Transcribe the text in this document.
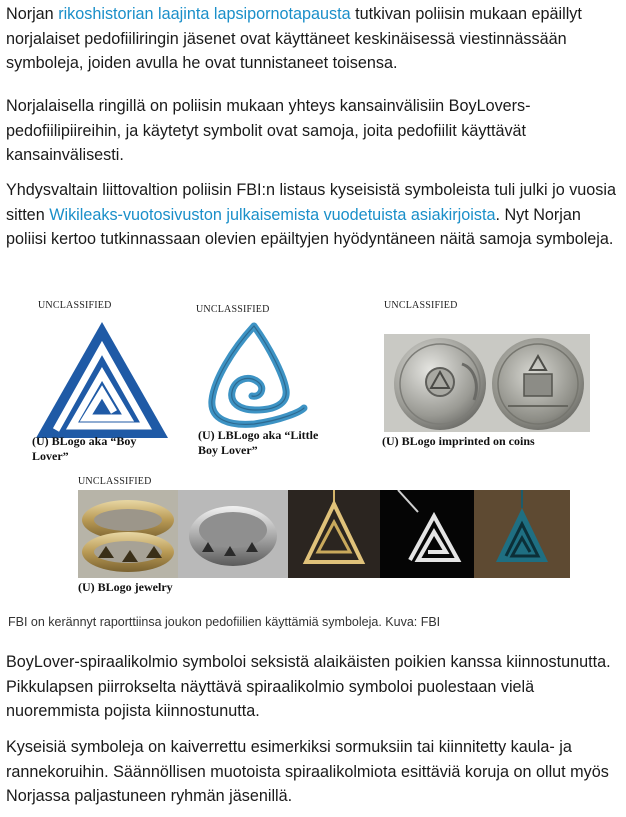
Norjan rikoshistorian laajinta lapsipornotapausta tutkivan poliisin mukaan epäillyt norjalaiset pedofiiliringin jäsenet ovat käyttäneet keskinäisessä viestinnässään symboleja, joiden avulla he ovat tunnistaneet toisensa.

Norjalaisella ringillä on poliisin mukaan yhteys kansainvälisiin BoyLovers-pedofiilipiireihin, ja käytetyt symbolit ovat samoja, joita pedofiilit käyttävät kansainvälisesti.

Yhdysvaltain liittovaltion poliisin FBI:n listaus kyseisistä symboleista tuli julki jo vuosia sitten Wikileaks-vuotosivuston julkaisemista vuodetuista asiakirjoista. Nyt Norjan poliisi kertoo tutkinnassaan olevien epäiltyjen hyödyntäneen näitä samoja symboleja.

UNCLASSIFIED
(U) BLogo aka “Boy
Lover”
UNCLASSIFIED
(U) LBLogo aka “Little
Boy Lover”
UNCLASSIFIED
(U) BLogo imprinted on coins
UNCLASSIFIED
(U) BLogo jewelry
FBI on kerännyt raporttiinsa joukon pedofiilien käyttämiä symboleja. Kuva: FBI

BoyLover-spiraalikolmio symboloi seksistä alaikäisten poikien kanssa kiinnostunutta. Pikkulapsen piirrokselta näyttävä spiraalikolmio symboloi puolestaan vielä nuoremmista pojista kiinnostunutta.

Kyseisiä symboleja on kaiverrettu esimerkiksi sormuksiin tai kiinnitetty kaula- ja rannekoruihin. Säännöllisen muotoista spiraalikolmiota esittäviä koruja on ollut myös Norjassa paljastuneen ryhmän jäsenillä.
